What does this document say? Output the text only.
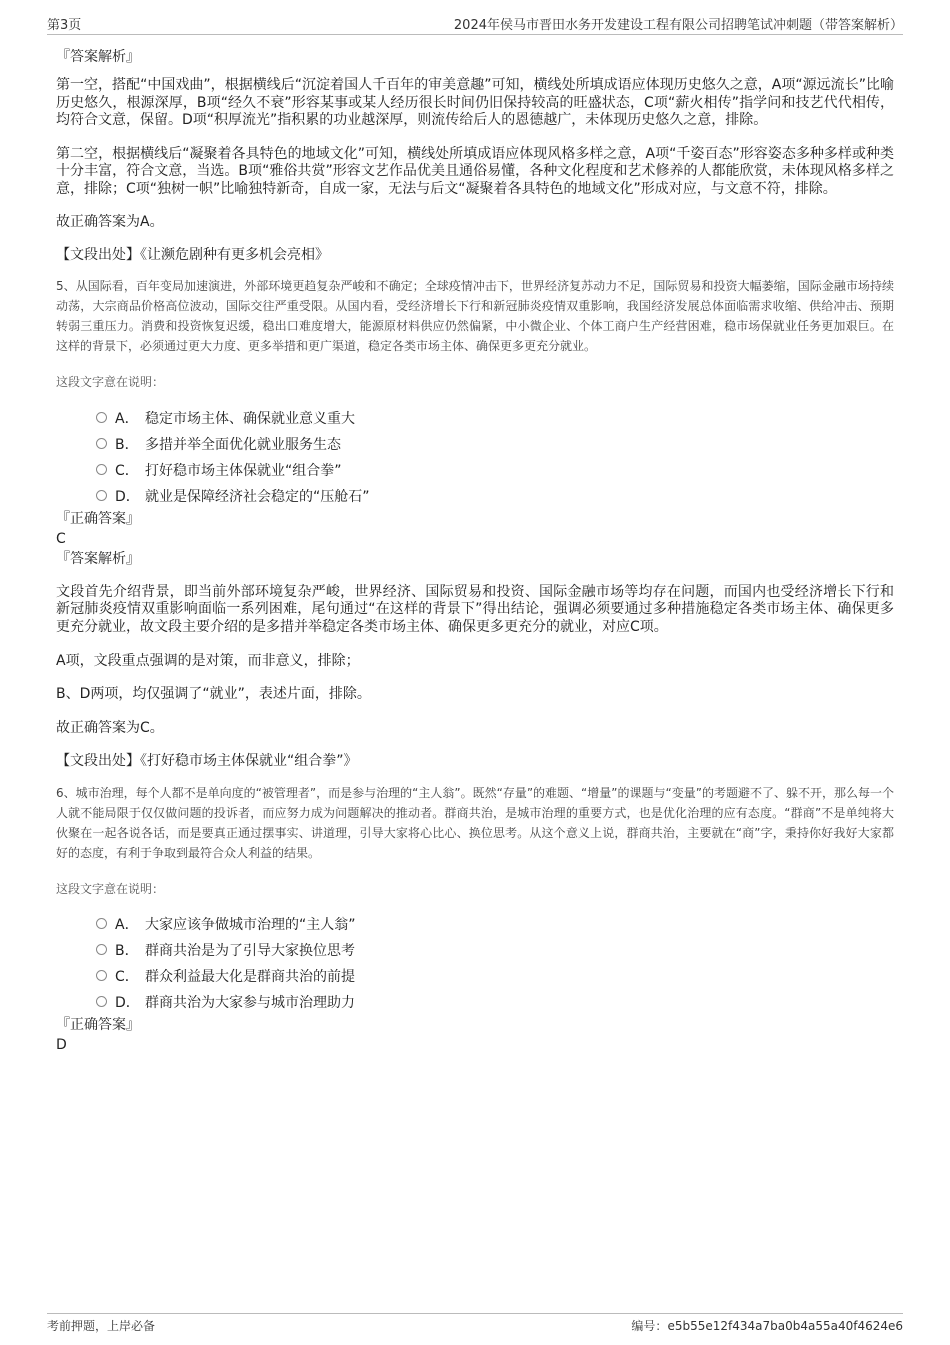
第3页	2024年侯马市晋田水务开发建设工程有限公司招聘笔试冲刺题（带答案解析）
『答案解析』

第一空，搭配“中国戏曲”，根据横线后“沉淀着国人千百年的审美意趣”可知，横线处所填成语应体现历史悠久之意，A项“源远流长”比喻历史悠久，根源深厚，B项“经久不衰”形容某事或某人经历很长时间仍旧保持较高的旺盛状态，C项“薪火相传”指学问和技艺代代相传，均符合文意，保留。D项“积厚流光”指积累的功业越深厚，则流传给后人的恩德越广，未体现历史悠久之意，排除。

第二空，根据横线后“凝聚着各具特色的地域文化”可知，横线处所填成语应体现风格多样之意，A项“千姿百态”形容姿态多种多样或种类十分丰富，符合文意，当选。B项“雅俗共赏”形容文艺作品优美且通俗易懂，各种文化程度和艺术修养的人都能欣赏，未体现风格多样之意，排除；C项“独树一帜”比喻独特新奇，自成一家，无法与后文“凝聚着各具特色的地域文化”形成对应，与文意不符，排除。

故正确答案为A。
【文段出处】《让濒危剧种有更多机会亮相》

5、从国际看，百年变局加速演进，外部环境更趋复杂严峻和不确定；全球疫情冲击下，世界经济复苏动力不足，国际贸易和投资大幅萎缩，国际金融市场持续动荡，大宗商品价格高位波动，国际交往严重受限。从国内看，受经济增长下行和新冠肺炎疫情双重影响，我国经济发展总体面临需求收缩、供给冲击、预期转弱三重压力。消费和投资恢复迟缓，稳出口难度增大，能源原材料供应仍然偏紧，中小微企业、个体工商户生产经营困难，稳市场保就业任务更加艰巨。在这样的背景下，必须通过更大力度、更多举措和更广渠道，稳定各类市场主体、确保更多更充分就业。

这段文字意在说明：

A． 稳定市场主体、确保就业意义重大
B． 多措并举全面优化就业服务生态
C． 打好稳市场主体保就业“组合拳”
D． 就业是保障经济社会稳定的“压舱石”
『正确答案』
C
『答案解析』

文段首先介绍背景，即当前外部环境复杂严峻，世界经济、国际贸易和投资、国际金融市场等均存在问题，而国内也受经济增长下行和新冠肺炎疫情双重影响面临一系列困难，尾句通过“在这样的背景下”得出结论，强调必须要通过多种措施稳定各类市场主体、确保更多更充分就业，故文段主要介绍的是多措并举稳定各类市场主体、确保更多更充分的就业，对应C项。

A项，文段重点强调的是对策，而非意义，排除；
B、D两项，均仅强调了“就业”，表述片面，排除。
故正确答案为C。
【文段出处】《打好稳市场主体保就业“组合拳”》

6、城市治理，每个人都不是单向度的“被管理者”，而是参与治理的“主人翁”。既然“存量”的难题、“增量”的课题与“变量”的考题避不了、躲不开，那么每一个人就不能局限于仅仅做问题的投诉者，而应努力成为问题解决的推动者。群商共治，是城市治理的重要方式，也是优化治理的应有态度。“群商”不是单纯将大伙聚在一起各说各话，而是要真正通过摆事实、讲道理，引导大家将心比心、换位思考。从这个意义上说，群商共治，主要就在“商”字，秉持你好我好大家都好的态度，有利于争取到最符合众人利益的结果。

这段文字意在说明：

A． 大家应该争做城市治理的“主人翁”
B． 群商共治是为了引导大家换位思考
C． 群众利益最大化是群商共治的前提
D． 群商共治为大家参与城市治理助力
『正确答案』
D
考前押题，上岸必备	编号：e5b55e12f434a7ba0b4a55a40f4624e6
